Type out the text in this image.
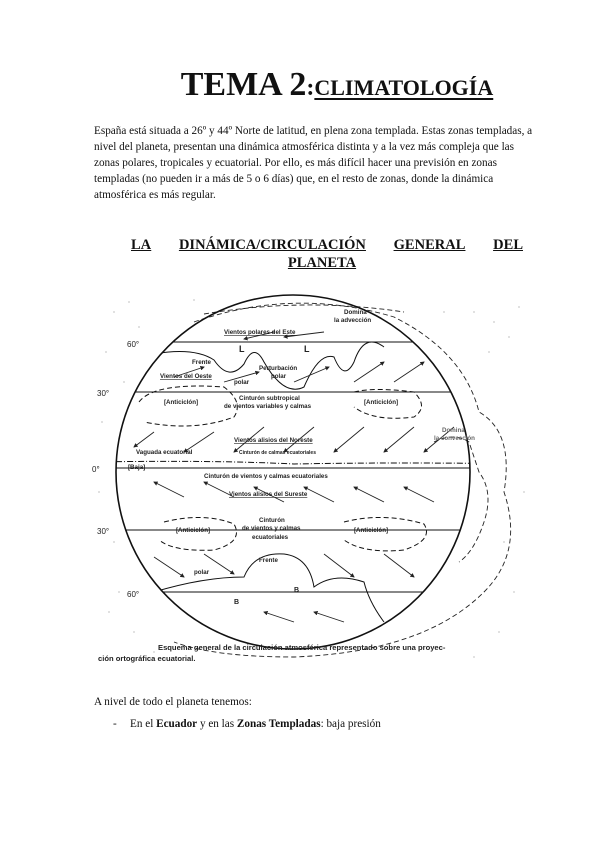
TEMA 2:CLIMATOLOGÍA

España está situada a 26º y 44º Norte de latitud, en plena zona templada. Estas zonas templadas, a nivel del planeta, presentan una dinámica atmosférica distinta y a la vez más compleja que las zonas polares, tropicales y ecuatorial. Por ello, es más difícil hacer una previsión en zonas templadas (no pueden ir a más de 5 o 6 días) que, en el resto de zonas, donde la dinámica atmosférica es más regular.

LA DINÁMICA/CIRCULACIÓN GENERAL DEL
PLANETA
60°
30°
0°
30°
60°
Domina
la advección
Vientos polares del Este
Frente
polar
L	L
Perturbación
polar
Vientos del Oeste
[Anticiclón]	[Anticiclón]
Cinturón subtropical
de vientos variables y calmas
Domina
la convección
Vientos alisios del Noreste
Vaguada ecuatorial	Cinturón de calmas ecuatoriales
[Baja]
Cinturón de vientos y calmas ecuatoriales
Vientos alisios del Sureste
Cinturón
de vientos y calmas
ecuatoriales
[Anticiclón]	[Anticiclón]
Frente
polar
B
B
Esquema general de la circulación atmosférica representado sobre una proyec-
ción ortográfica ecuatorial.
A nivel de todo el planeta tenemos:
- En el Ecuador y en las Zonas Templadas: baja presión
